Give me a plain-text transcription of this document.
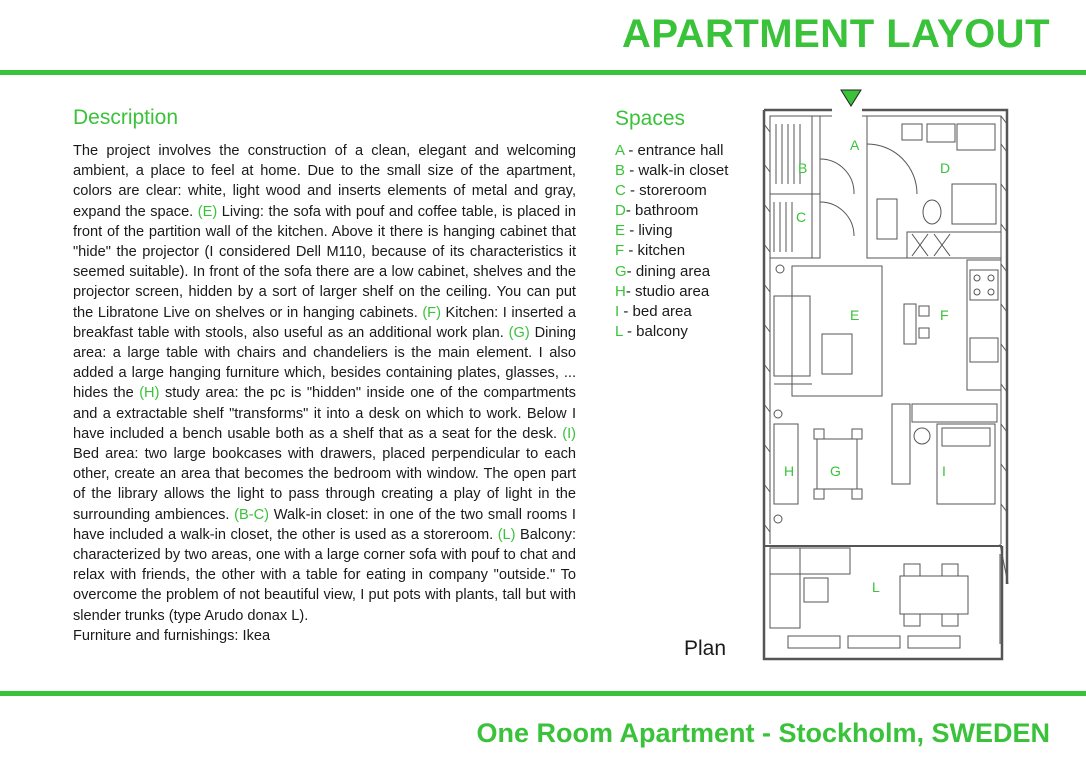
APARTMENT LAYOUT
Description

The project involves the construction of a clean, elegant and welcoming ambient, a place to feel at home. Due to the small size of the apartment, colors are clear: white, light wood and inserts elements of metal and gray, expand the space. (E) Living: the sofa with pouf and coffee table, is placed in front of the partition wall of the kitchen. Above it there is hanging cabinet that "hide" the projector (I considered Dell M110, because of its characteristics it seemed suitable). In front of the sofa there are a low cabinet, shelves and the projector screen, hidden by a sort of larger shelf on the ceiling. You can put the Libratone Live on shelves or in hanging cabinets. (F) Kitchen: I inserted a breakfast table with stools, also useful as an additional work plan. (G) Dining area: a large table with chairs and chandeliers is the main element. I also added a large hanging furniture which, besides containing plates, glasses, ... hides the (H) study area: the pc is "hidden" inside one of the compartments and a extractable shelf "transforms" it into a desk on which to work. Below I have included a bench usable both as a shelf that as a seat for the desk. (I) Bed area: two large bookcases with drawers, placed perpendicular to each other, create an area that becomes the bedroom with window. The open part of the library allows the light to pass through creating a play of light in the surrounding ambiences. (B-C) Walk-in closet: in one of the two small rooms I have included a walk-in closet, the other is used as a storeroom. (L) Balcony: characterized by two areas, one with a large corner sofa with pouf to chat and relax with friends, the other with a table for eating in company "outside." To overcome the problem of not beautiful view, I put pots with plants, tall but with slender trunks (type Arudo donax L).

Furniture and furnishings: Ikea

Spaces
A - entrance hall
B - walk-in closet
C - storeroom
D- bathroom
E - living
F - kitchen
G- dining area
H- studio area
I - bed area
L - balcony
Plan
A
B
C
D
E	F
G
H	I
L
One Room Apartment - Stockholm, SWEDEN
